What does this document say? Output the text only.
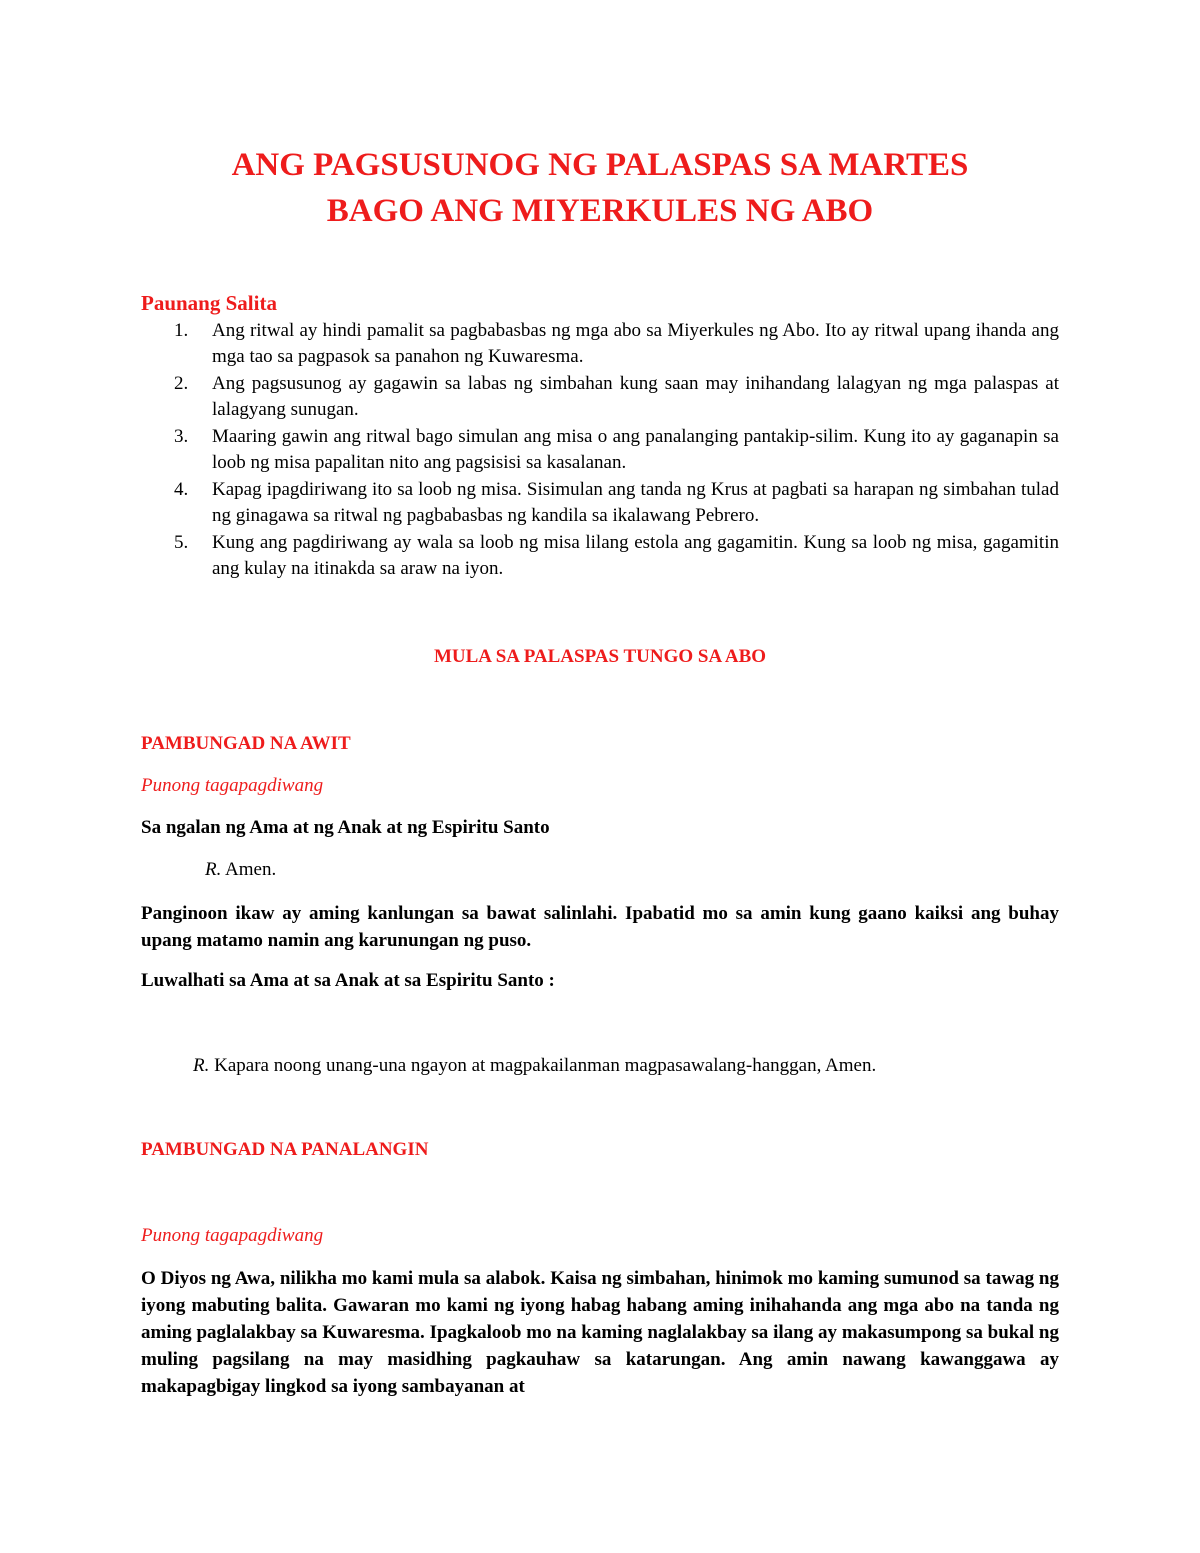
ANG PAGSUSUNOG NG PALASPAS SA MARTES
BAGO ANG MIYERKULES NG ABO
Paunang Salita
1. Ang ritwal ay hindi pamalit sa pagbabasbas ng mga abo sa Miyerkules ng Abo. Ito ay ritwal upang ihanda ang mga tao sa pagpasok sa panahon ng Kuwaresma.
2. Ang pagsusunog ay gagawin sa labas ng simbahan kung saan may inihandang lalagyan ng mga palaspas at lalagyang sunugan.
3. Maaring gawin ang ritwal bago simulan ang misa o ang panalanging pantakip-silim. Kung ito ay gaganapin sa loob ng misa papalitan nito ang pagsisisi sa kasalanan.
4. Kapag ipagdiriwang ito sa loob ng misa. Sisimulan ang tanda ng Krus at pagbati sa harapan ng simbahan tulad ng ginagawa sa ritwal ng pagbabasbas ng kandila sa ikalawang Pebrero.
5. Kung ang pagdiriwang ay wala sa loob ng misa lilang estola ang gagamitin. Kung sa loob ng misa, gagamitin ang kulay na itinakda sa araw na iyon.
MULA SA PALASPAS TUNGO SA ABO
PAMBUNGAD NA AWIT
Punong tagapagdiwang
Sa ngalan ng Ama at ng Anak at ng Espiritu Santo
R. Amen.

Panginoon ikaw ay aming kanlungan sa bawat salinlahi. Ipabatid mo sa amin kung gaano kaiksi ang buhay upang matamo namin ang karunungan ng puso.

Luwalhati sa Ama at sa Anak at sa Espiritu Santo :
R. Kapara noong unang-una ngayon at magpakailanman magpasawalang-hanggan, Amen.
PAMBUNGAD NA PANALANGIN
Punong tagapagdiwang

O Diyos ng Awa, nilikha mo kami mula sa alabok. Kaisa ng simbahan, hinimok mo kaming sumunod sa tawag ng iyong mabuting balita. Gawaran mo kami ng iyong habag habang aming inihahanda ang mga abo na tanda ng aming paglalakbay sa Kuwaresma. Ipagkaloob mo na kaming naglalakbay sa ilang ay makasumpong sa bukal ng muling pagsilang na may masidhing pagkauhaw sa katarungan. Ang amin nawang kawanggawa ay makapagbigay lingkod sa iyong sambayanan at
